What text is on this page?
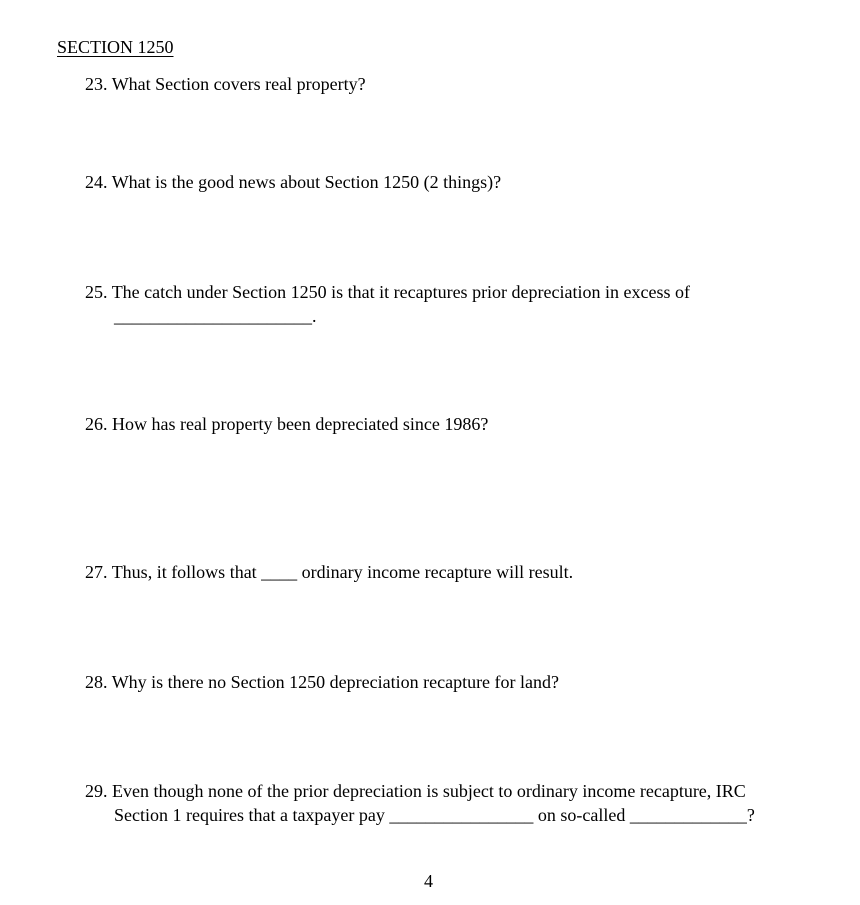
SECTION 1250
23. What Section covers real property?
24. What is the good news about Section 1250 (2 things)?
25. The catch under Section 1250 is that it recaptures prior depreciation in excess of
______________________.
26. How has real property been depreciated since 1986?
27. Thus, it follows that ____ ordinary income recapture will result.
28. Why is there no Section 1250 depreciation recapture for land?
29. Even though none of the prior depreciation is subject to ordinary income recapture, IRC
Section 1 requires that a taxpayer pay ________________ on so-called _____________?
4
